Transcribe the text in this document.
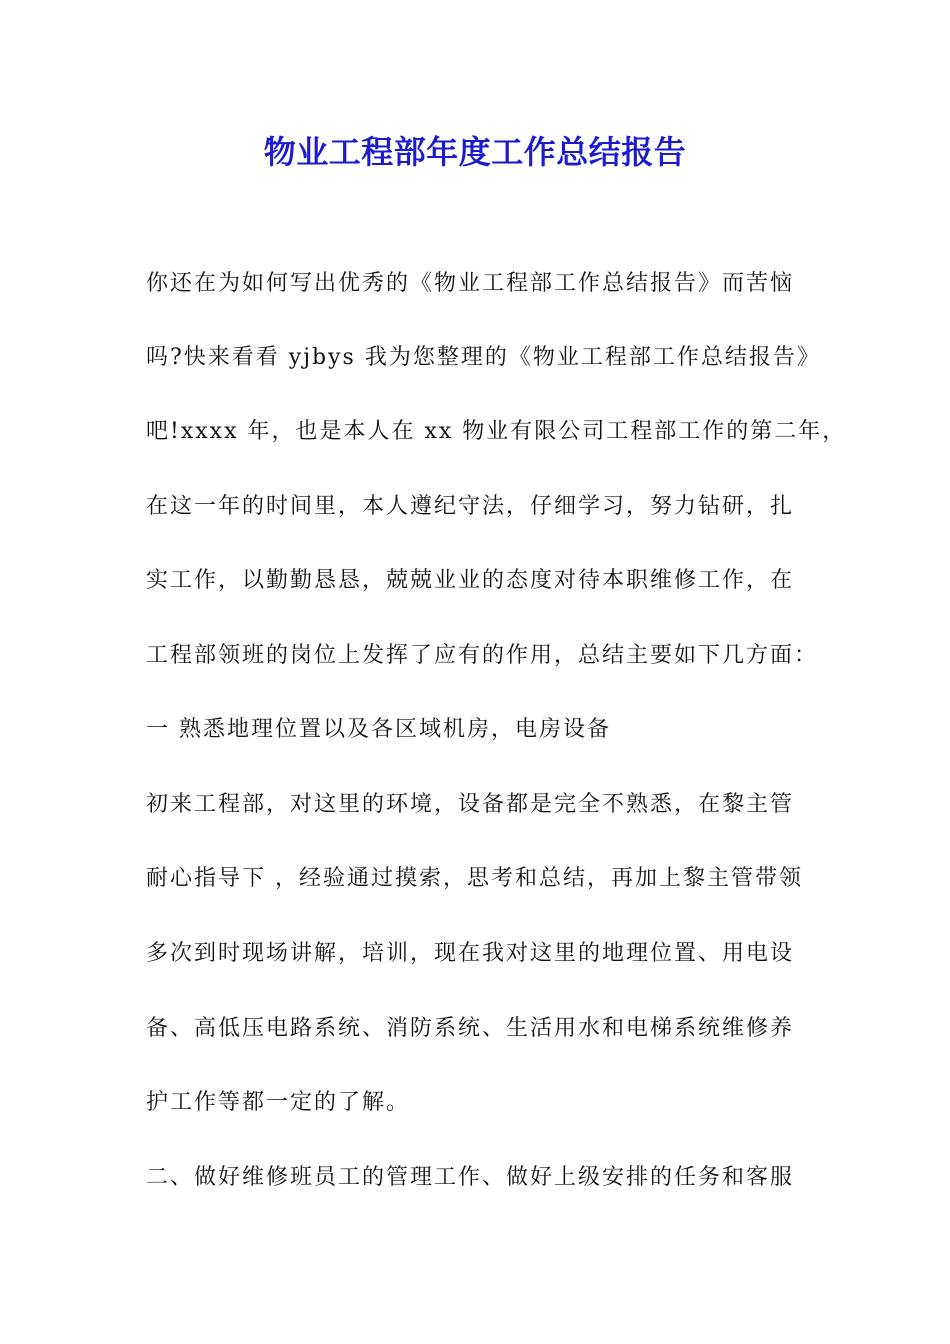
物业工程部年度工作总结报告
你还在为如何写出优秀的《物业工程部工作总结报告》而苦恼
吗?快来看看 yjbys 我为您整理的《物业工程部工作总结报告》
吧!xxxx 年，也是本人在 xx 物业有限公司工程部工作的第二年，
在这一年的时间里，本人遵纪守法，仔细学习，努力钻研，扎
实工作，以勤勤恳恳，兢兢业业的态度对待本职维修工作，在
工程部领班的岗位上发挥了应有的作用，总结主要如下几方面：
一 熟悉地理位置以及各区域机房，电房设备
初来工程部，对这里的环境，设备都是完全不熟悉，在黎主管
耐心指导下 ，经验通过摸索，思考和总结，再加上黎主管带领
多次到时现场讲解，培训，现在我对这里的地理位置、用电设
备、高低压电路系统、消防系统、生活用水和电梯系统维修养
护工作等都一定的了解。
二、做好维修班员工的管理工作、做好上级安排的任务和客服
